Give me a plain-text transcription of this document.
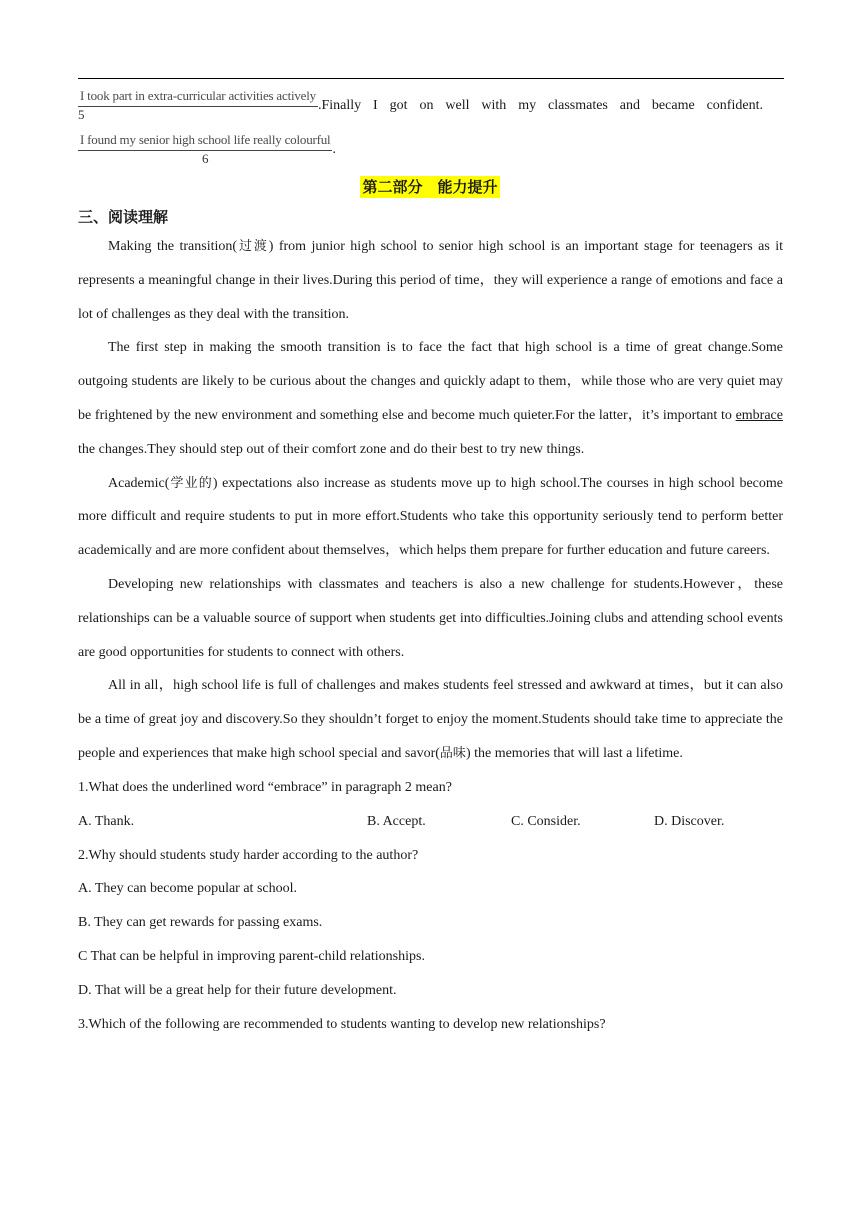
I took part in extra-curricular activities actively
5
.Finally I got on well with my classmates and became confident.
I found my senior high school life really colourful
6
.
第二部分　能力提升
三、阅读理解

Making the transition(过渡) from junior high school to senior high school is an important stage for teenagers as it represents a meaningful change in their lives.During this period of time，they will experience a range of emotions and face a lot of challenges as they deal with the transition.

The first step in making the smooth transition is to face the fact that high school is a time of great change.Some outgoing students are likely to be curious about the changes and quickly adapt to them，while those who are very quiet may be frightened by the new environment and something else and become much quieter.For the latter，it’s important to embrace the changes.They should step out of their comfort zone and do their best to try new things.

Academic(学业的) expectations also increase as students move up to high school.The courses in high school become more difficult and require students to put in more effort.Students who take this opportunity seriously tend to perform better academically and are more confident about themselves，which helps them prepare for further education and future careers.

Developing new relationships with classmates and teachers is also a new challenge for students.However，these relationships can be a valuable source of support when students get into difficulties.Joining clubs and attending school events are good opportunities for students to connect with others.

All in all，high school life is full of challenges and makes students feel stressed and awkward at times，but it can also be a time of great joy and discovery.So they shouldn’t forget to enjoy the moment.Students should take time to appreciate the people and experiences that make high school special and savor(品味) the memories that will last a lifetime.

1.What does the underlined word “embrace” in paragraph 2 mean?

A. Thank.	B. Accept.	C. Consider.	D. Discover.

2.Why should students study harder according to the author?

A. They can become popular at school.

B. They can get rewards for passing exams.

C That can be helpful in improving parent-child relationships.

D. That will be a great help for their future development.

3.Which of the following are recommended to students wanting to develop new relationships?
